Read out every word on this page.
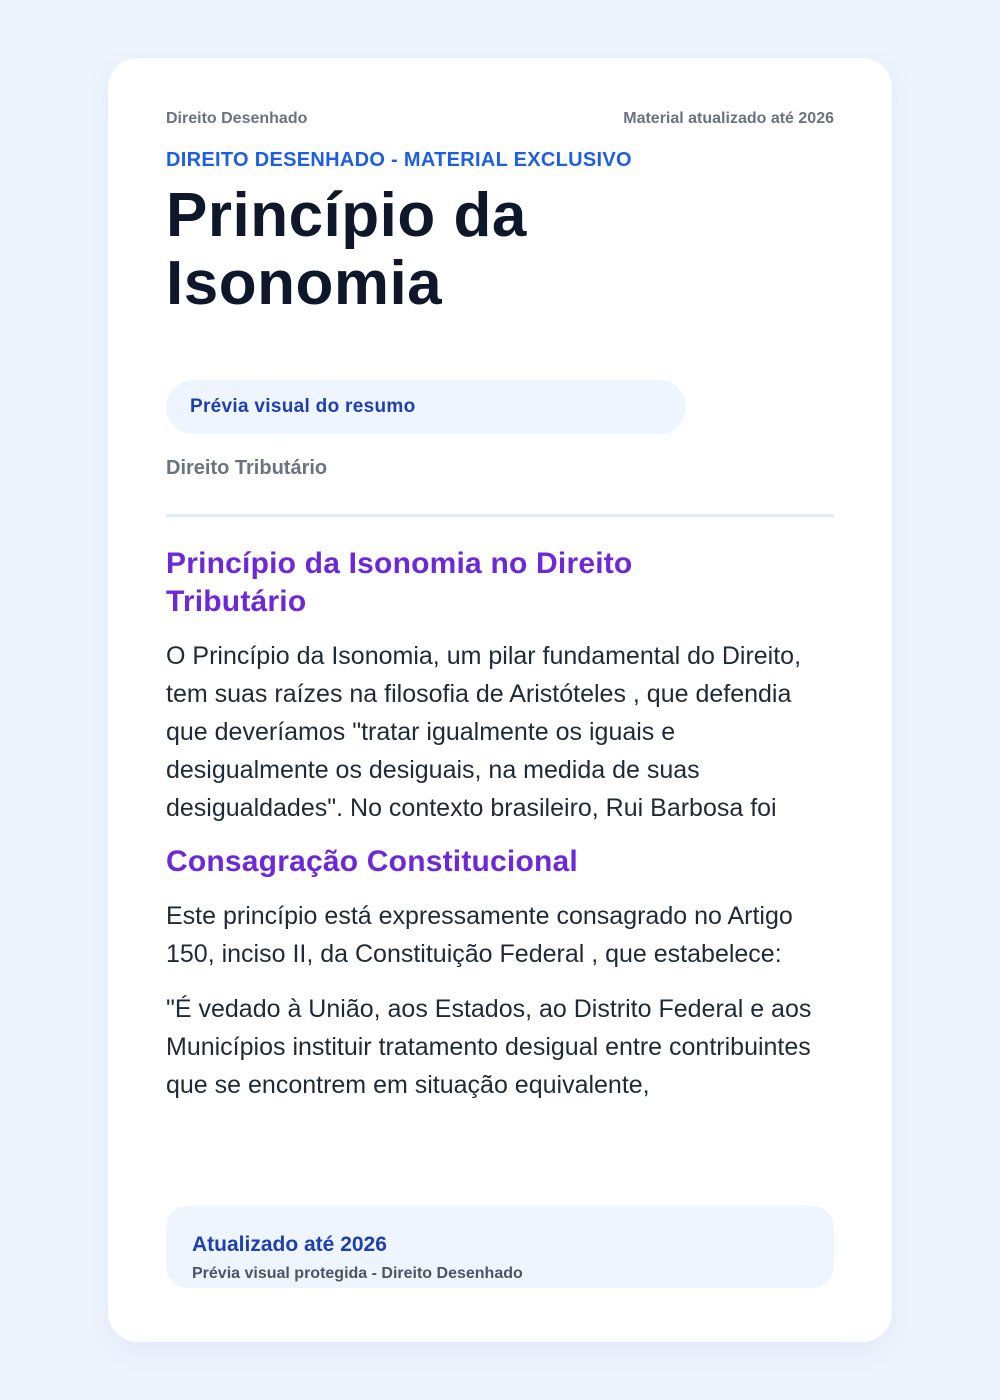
Direito Desenhado	Material atualizado até 2026
DIREITO DESENHADO - MATERIAL EXCLUSIVO
Princípio da Isonomia
Prévia visual do resumo
Direito Tributário
Princípio da Isonomia no Direito Tributário

O Princípio da Isonomia, um pilar fundamental do Direito, tem suas raízes na filosofia de Aristóteles , que defendia que deveríamos "tratar igualmente os iguais e desigualmente os desiguais, na medida de suas desigualdades". No contexto brasileiro, Rui Barbosa foi

Consagração Constitucional

Este princípio está expressamente consagrado no Artigo 150, inciso II, da Constituição Federal , que estabelece:

"É vedado à União, aos Estados, ao Distrito Federal e aos Municípios instituir tratamento desigual entre contribuintes que se encontrem em situação equivalente,

Atualizado até 2026
Prévia visual protegida - Direito Desenhado
